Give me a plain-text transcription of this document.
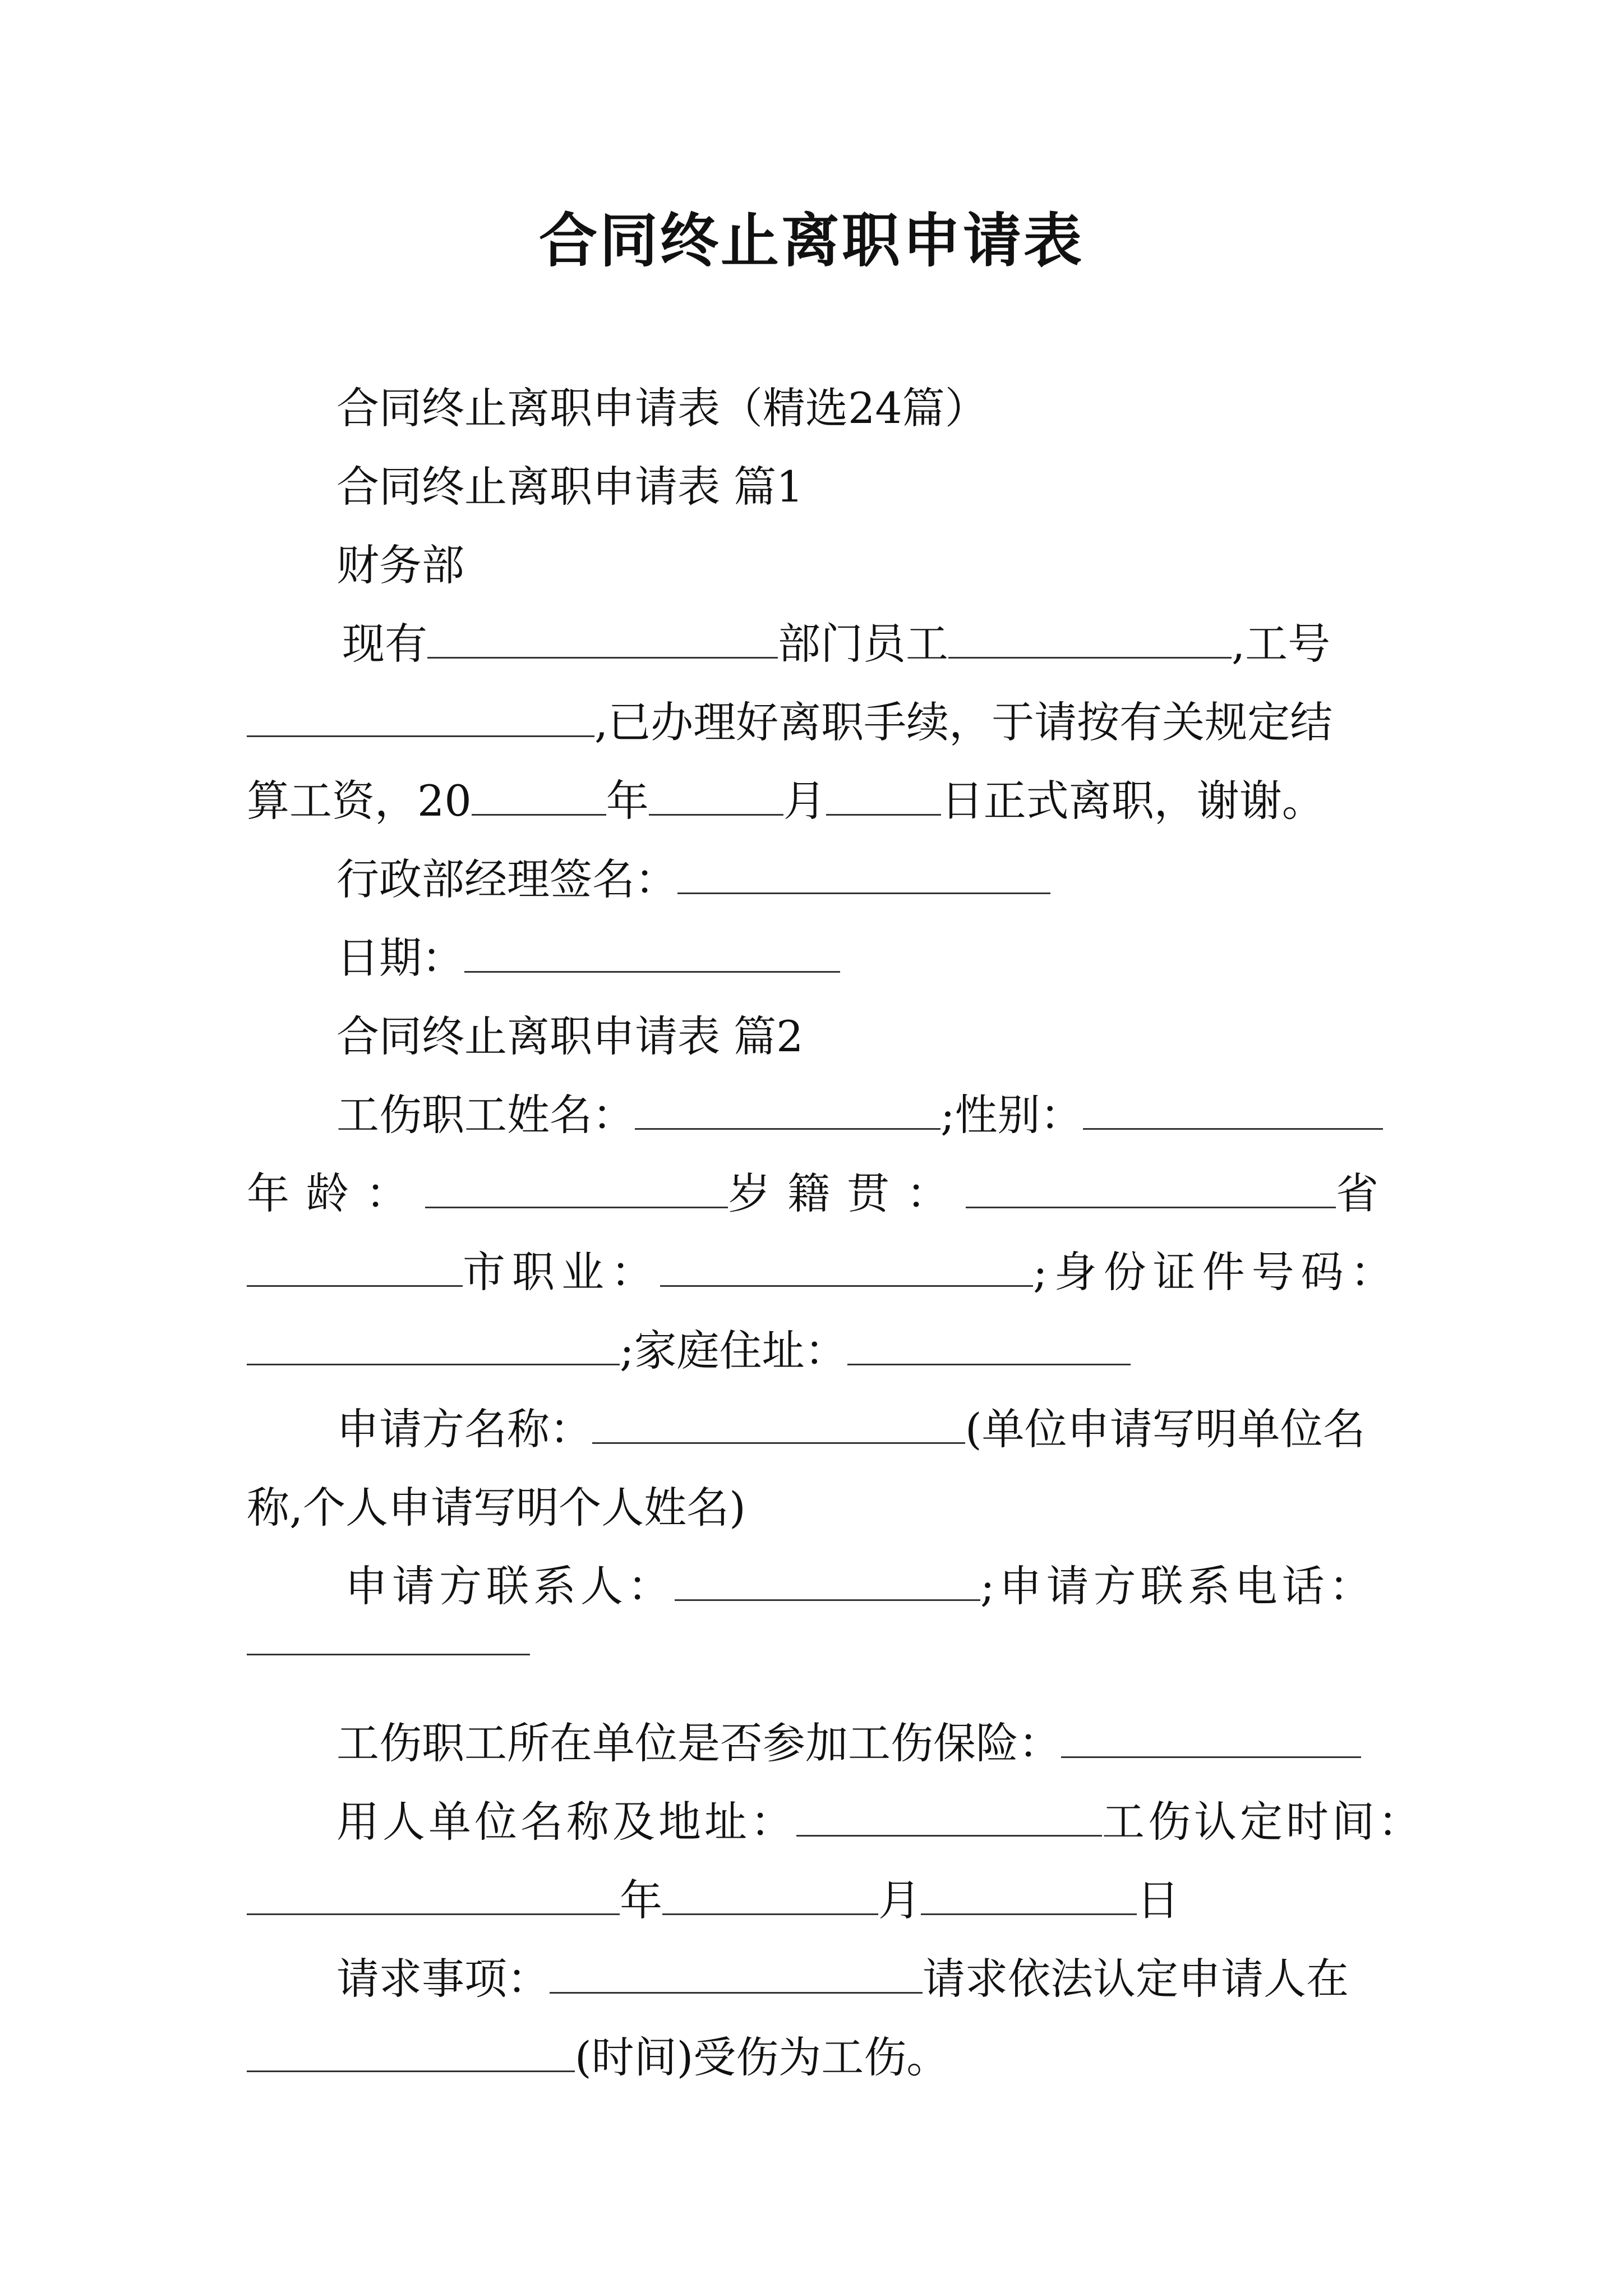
合同终止离职申请表
合同终止离职申请表（精选24篇）
合同终止离职申请表 篇1
财务部
现有	部门员工	,工号
,已办理好离职手续，于请按有关规定结
算工资，20	年	月	日正式离职，谢谢。
行政部经理签名：
日期：
合同终止离职申请表 篇2
工伤职工姓名：	;性别：
年龄：	岁籍贯：	省
市职业：	;身份证件号码：
;家庭住址：
申请方名称：	(单位申请写明单位名
称,个人申请写明个人姓名)
申请方联系人：	;申请方联系电话：
工伤职工所在单位是否参加工伤保险：
用人单位名称及地址：	工伤认定时间：
年	月	日
请求事项：	请求依法认定申请人在
(时间)受伤为工伤。
